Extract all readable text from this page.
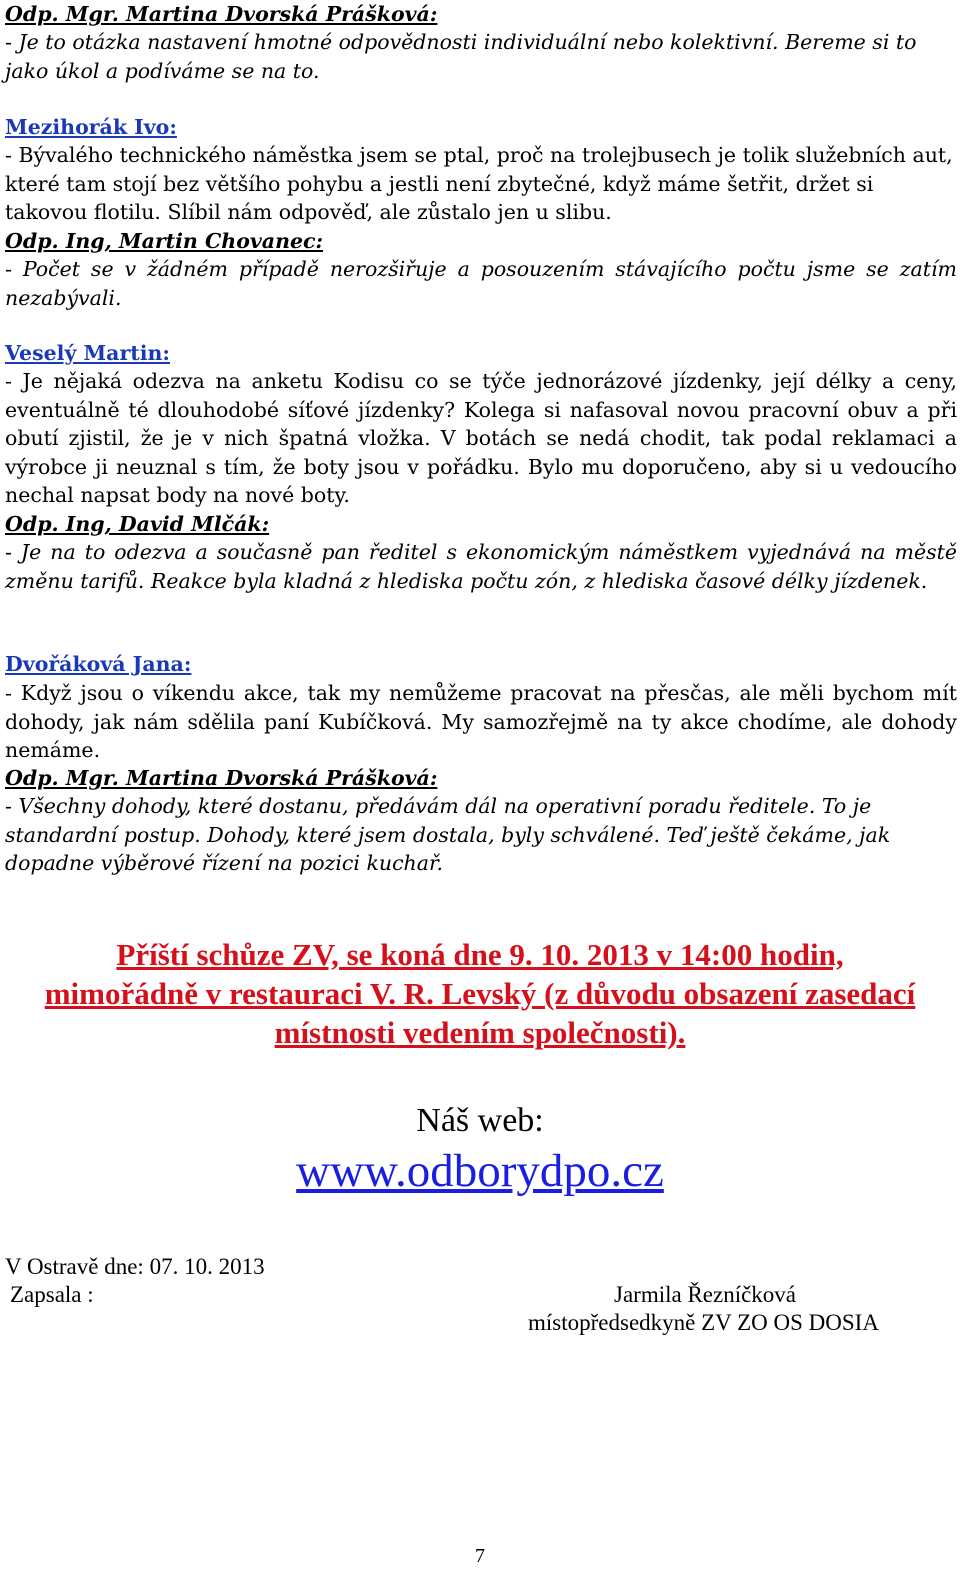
Odp. Mgr. Martina Dvorská Prášková:

- Je to otázka nastavení hmotné odpovědnosti individuální nebo kolektivní. Bereme si to jako úkol a podíváme se na to.

Mezihorák Ivo:

- Bývalého technického náměstka jsem se ptal, proč na trolejbusech je tolik služebních aut, které tam stojí bez většího pohybu a jestli není zbytečné, když máme šetřit, držet si takovou flotilu. Slíbil nám odpověď, ale zůstalo jen u slibu.

Odp. Ing, Martin Chovanec:

- Počet se v žádném případě nerozšiřuje a posouzením stávajícího počtu jsme se zatím nezabývali.

Veselý Martin:

- Je nějaká odezva na anketu Kodisu co se týče jednorázové jízdenky, její délky a ceny, eventuálně té dlouhodobé síťové jízdenky? Kolega si nafasoval novou pracovní obuv a při obutí zjistil, že je v nich špatná vložka. V botách se nedá chodit, tak podal reklamaci a výrobce ji neuznal s tím, že boty jsou v pořádku. Bylo mu doporučeno, aby si u vedoucího nechal napsat body na nové boty.

Odp. Ing, David Mlčák:

- Je na to odezva a současně pan ředitel s ekonomickým náměstkem vyjednává na městě změnu tarifů. Reakce byla kladná z hlediska počtu zón, z hlediska časové délky jízdenek.

Dvořáková Jana:

- Když jsou o víkendu akce, tak my nemůžeme pracovat na přesčas, ale měli bychom mít dohody, jak nám sdělila paní Kubíčková. My samozřejmě na ty akce chodíme, ale dohody nemáme.

Odp. Mgr. Martina Dvorská Prášková:

- Všechny dohody, které dostanu, předávám dál na operativní poradu ředitele. To je standardní postup. Dohody, které jsem dostala, byly schválené. Teď ještě čekáme, jak dopadne výběrové řízení na pozici kuchař.

Příští schůze ZV, se koná dne 9. 10. 2013 v 14:00 hodin,
mimořádně v restauraci V. R. Levský (z důvodu obsazení zasedací
místnosti vedením společnosti).
Náš web:
www.odborydpo.cz
V Ostravě dne: 07. 10. 2013
Zapsala :	Jarmila Řezníčková
místopředsedkyně ZV ZO OS DOSIA
7
